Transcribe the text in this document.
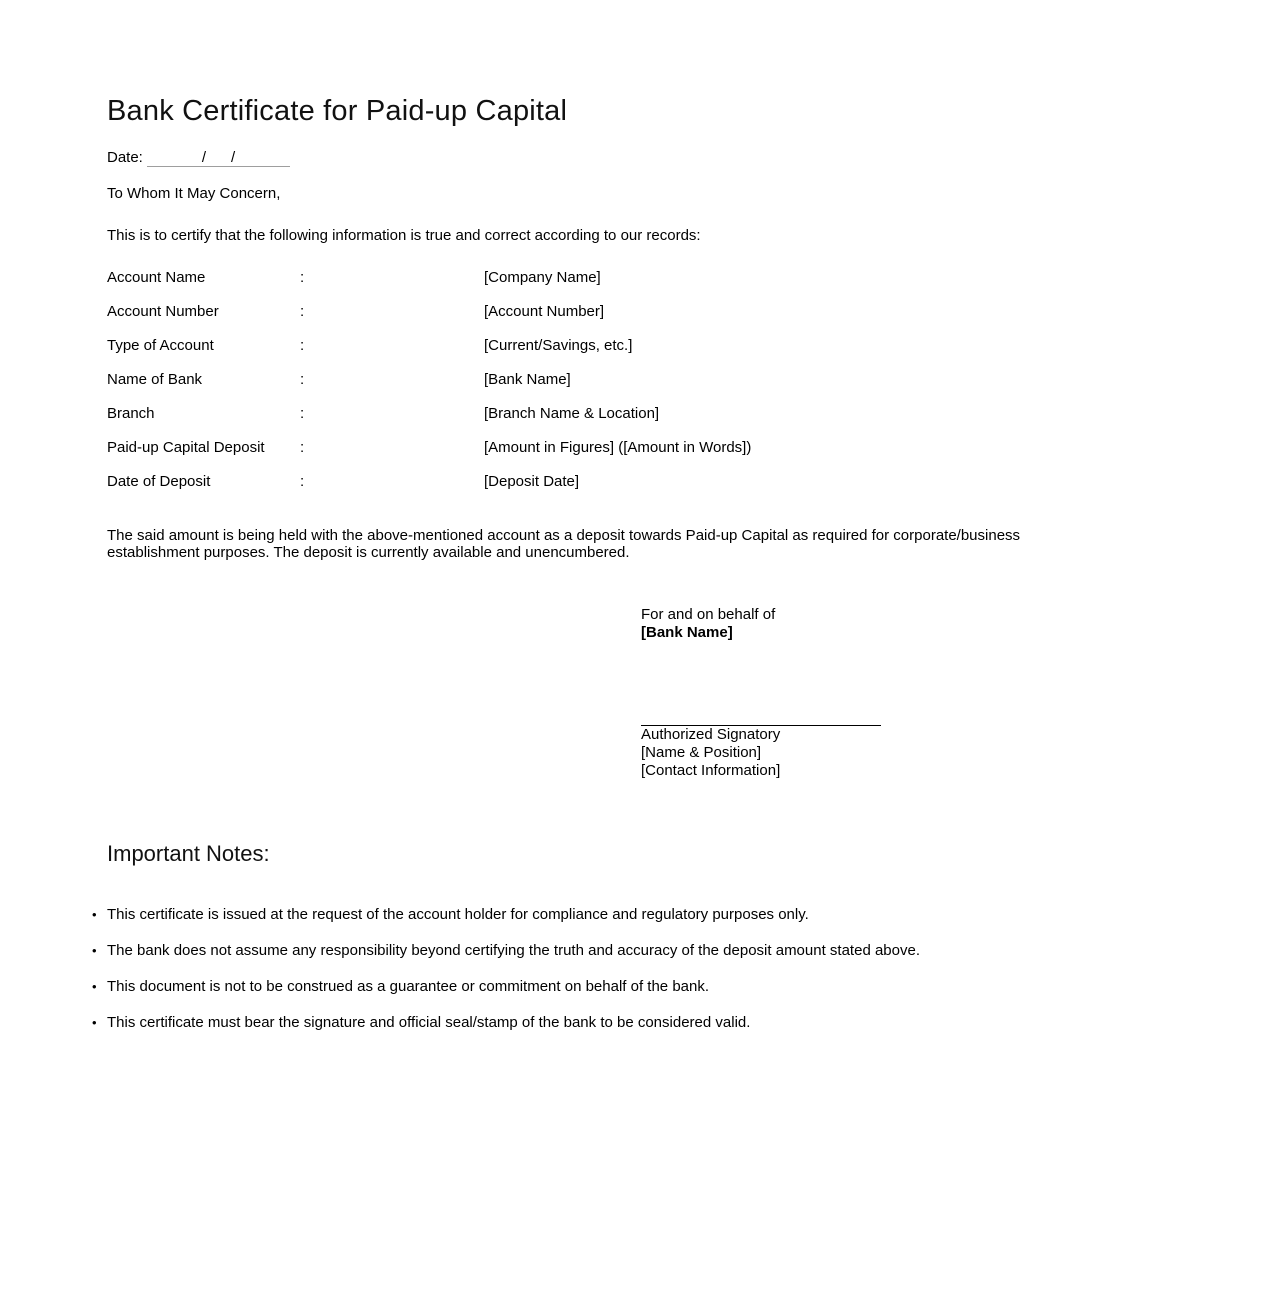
Bank Certificate for Paid-up Capital
Date:	/      /
To Whom It May Concern,
This is to certify that the following information is true and correct according to our records:
Account Name	:	[Company Name]
Account Number	:	[Account Number]
Type of Account	:	[Current/Savings, etc.]
Name of Bank	:	[Bank Name]
Branch	:	[Branch Name & Location]
Paid-up Capital Deposit	:	[Amount in Figures] ([Amount in Words])
Date of Deposit	:	[Deposit Date]
The said amount is being held with the above-mentioned account as a deposit towards Paid-up Capital as required for corporate/business establishment purposes. The deposit is currently available and unencumbered.
For and on behalf of
[Bank Name]
Authorized Signatory
[Name & Position]
[Contact Information]
Important Notes:
• This certificate is issued at the request of the account holder for compliance and regulatory purposes only.
• The bank does not assume any responsibility beyond certifying the truth and accuracy of the deposit amount stated above.
• This document is not to be construed as a guarantee or commitment on behalf of the bank.
• This certificate must bear the signature and official seal/stamp of the bank to be considered valid.
